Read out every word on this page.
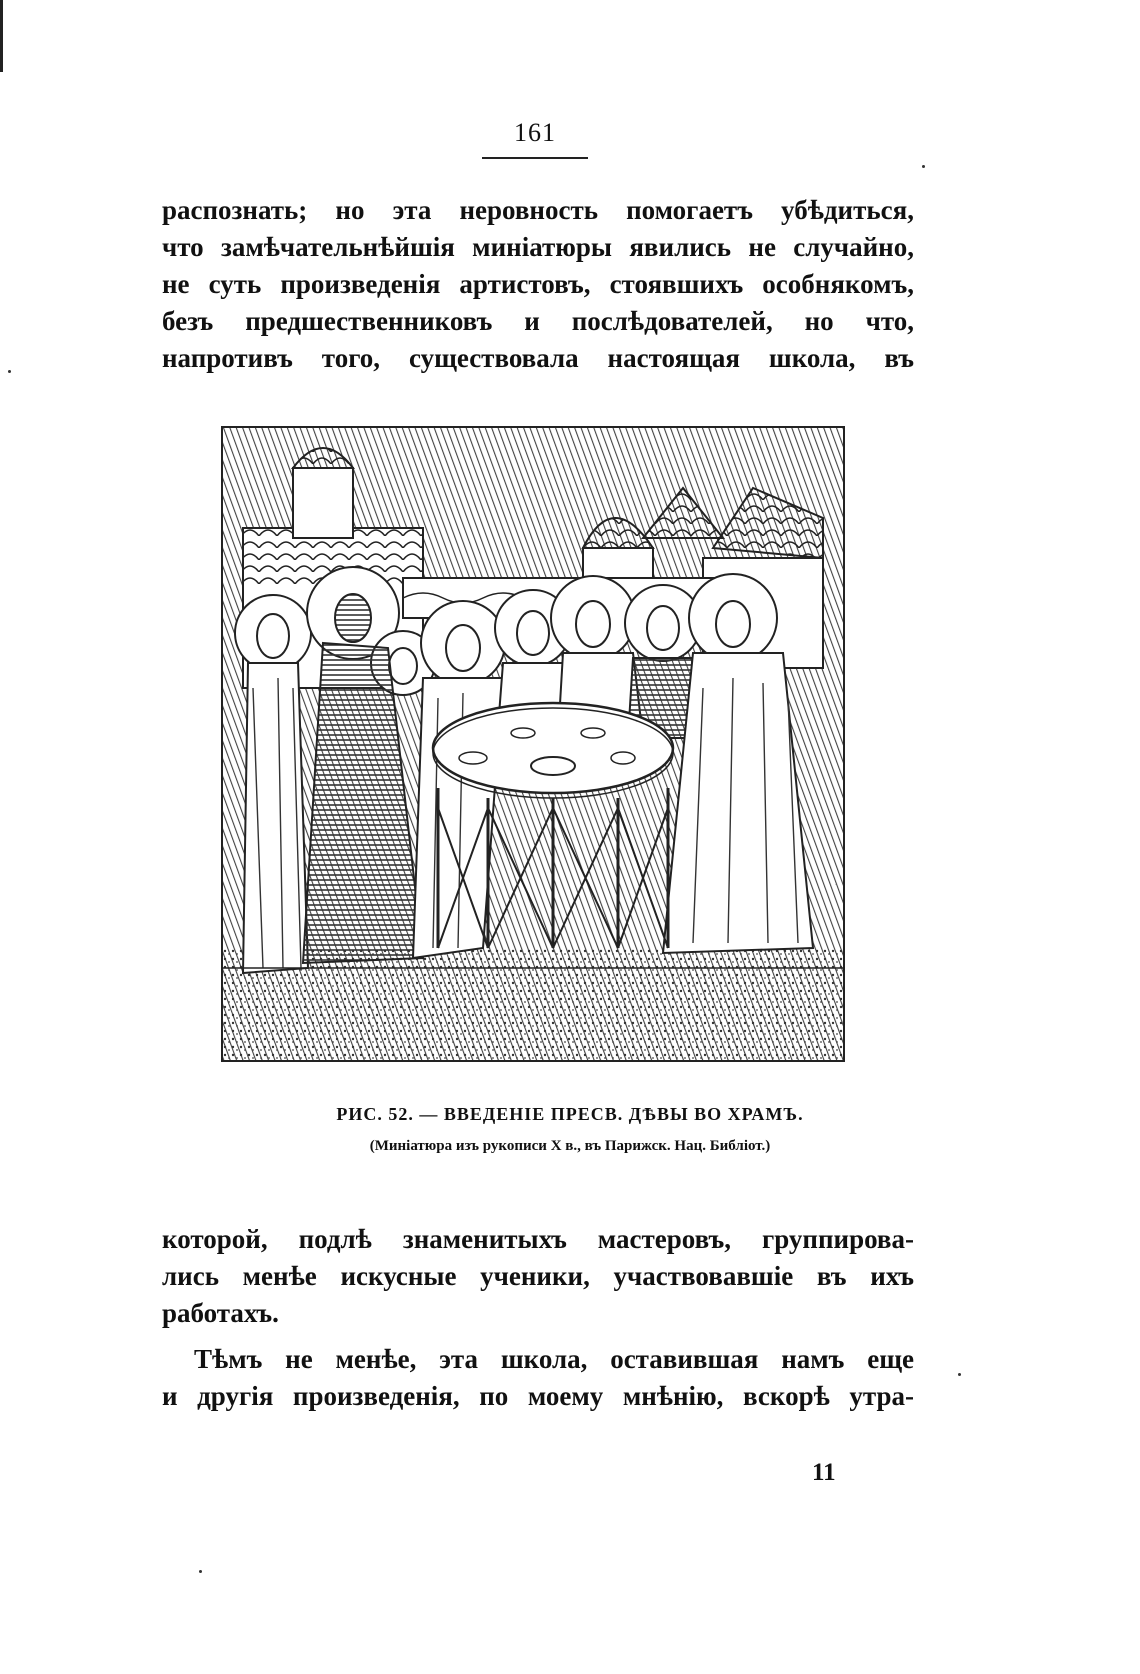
161
распознать; но эта неровность помогаетъ убѣдиться,
что замѣчательнѣйшія миніатюры явились не случайно,
не суть произведенія артистовъ, стоявшихъ особнякомъ,
безъ предшественниковъ и послѣдователей, но что,
напротивъ того, существовала настоящая школа, въ
РИС. 52. — ВВЕДЕНІЕ ПРЕСВ. ДѢВЫ ВО ХРАМЪ.
(Миніатюра изъ рукописи X в., въ Парижск. Нац. Библіот.)
которой, подлѣ знаменитыхъ мастеровъ, группирова-
лись менѣе искусные ученики, участвовавшіе въ ихъ
работахъ.
Тѣмъ не менѣе, эта школа, оставившая намъ еще
и другія произведенія, по моему мнѣнію, вскорѣ утра-
11
